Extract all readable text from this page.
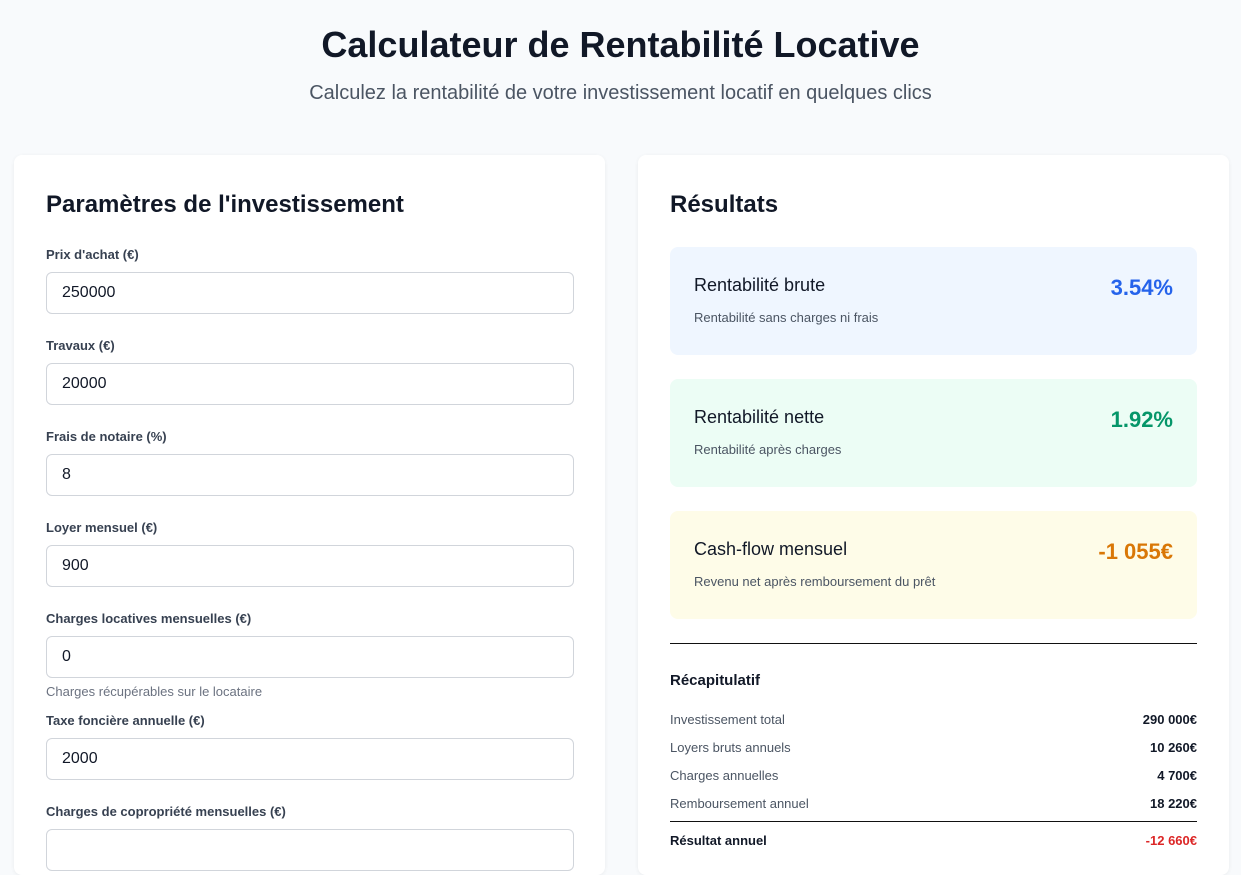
Calculateur de Rentabilité Locative

Calculez la rentabilité de votre investissement locatif en quelques clics

Paramètres de l'investissement
Prix d'achat (€)
250000
Travaux (€)
20000
Frais de notaire (%)
8
Loyer mensuel (€)
900
Charges locatives mensuelles (€)
0
Charges récupérables sur le locataire
Taxe foncière annuelle (€)
2000
Charges de copropriété mensuelles (€)
Résultats
Rentabilité brute
Rentabilité sans charges ni frais
3.54%
Rentabilité nette
Rentabilité après charges
1.92%
Cash-flow mensuel
Revenu net après remboursement du prêt
-1 055€
Récapitulatif
Investissement total	290 000€
Loyers bruts annuels	10 260€
Charges annuelles	4 700€
Remboursement annuel	18 220€
Résultat annuel	-12 660€
